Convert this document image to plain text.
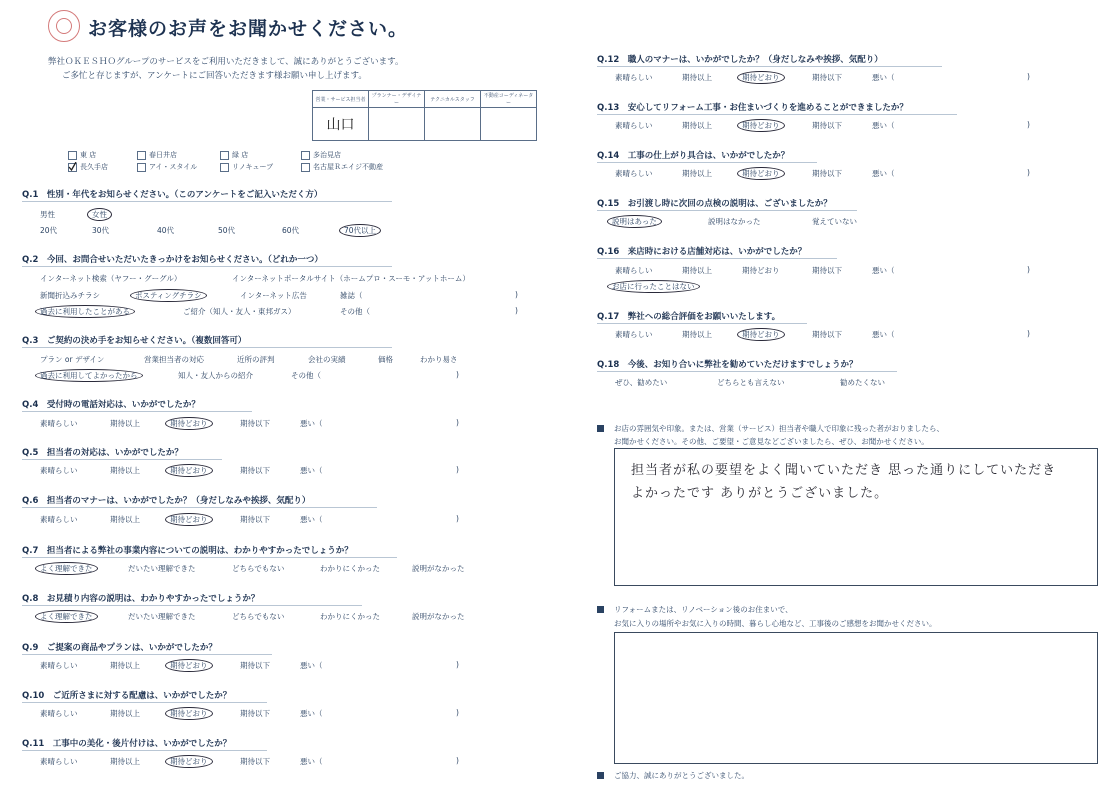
お客様のお声をお聞かせください。
弊社ＯＫＥＳＨＯグループのサービスをご利用いただきまして、誠にありがとうございます。
ご多忙と存じますが、アンケートにご回答いただきます様お願い申し上げます。
営業・サービス担当者	プランナー・デザイナー	テクニカルスタッフ	不動産コーディネーター
山口			
東 店	春日井店	緑 店	多治見店
長久手店	アイ・スタイル	リノキューブ	名古屋Ｒエイジ不動産
Q.1　性別・年代をお知らせください。（このアンケートをご記入いただく方）
男性	女性
20代	30代	40代	50代	60代	70代以上
Q.2　今回、お問合せいただいたきっかけをお知らせください。（どれか一つ）
インターネット検索（ヤフー・グーグル）	インターネットポータルサイト（ホームプロ・スーモ・アットホーム）
新聞折込みチラシ	ポスティングチラシ	インターネット広告	雑誌（	)
過去に利用したことがある	ご紹介（知人・友人・東邦ガス）	その他（	)
Q.3　ご契約の決め手をお知らせください。（複数回答可）
プラン or デザイン	営業担当者の対応	近所の評判	会社の実績	価格	わかり易さ
過去に利用してよかったから	知人・友人からの紹介	その他（	)
Q.4　受付時の電話対応は、いかがでしたか？
素晴らしい	期待以上	期待どおり	期待以下	悪い（	)
Q.5　担当者の対応は、いかがでしたか？
素晴らしい	期待以上	期待どおり	期待以下	悪い（	)
Q.6　担当者のマナーは、いかがでしたか？（身だしなみや挨拶、気配り）
素晴らしい	期待以上	期待どおり	期待以下	悪い（	)
Q.7　担当者による弊社の事業内容についての説明は、わかりやすかったでしょうか？
よく理解できた	だいたい理解できた	どちらでもない	わかりにくかった	説明がなかった
Q.8　お見積り内容の説明は、わかりやすかったでしょうか？
よく理解できた	だいたい理解できた	どちらでもない	わかりにくかった	説明がなかった
Q.9　ご提案の商品やプランは、いかがでしたか？
素晴らしい	期待以上	期待どおり	期待以下	悪い（	)
Q.10　ご近所さまに対する配慮は、いかがでしたか？
素晴らしい	期待以上	期待どおり	期待以下	悪い（	)
Q.11　工事中の美化・後片付けは、いかがでしたか？
素晴らしい	期待以上	期待どおり	期待以下	悪い（	)
Q.12　職人のマナーは、いかがでしたか？（身だしなみや挨拶、気配り）
素晴らしい	期待以上	期待どおり	期待以下	悪い（	)
Q.13　安心してリフォーム工事・お住まいづくりを進めることができましたか？
素晴らしい	期待以上	期待どおり	期待以下	悪い（	)
Q.14　工事の仕上がり具合は、いかがでしたか？
素晴らしい	期待以上	期待どおり	期待以下	悪い（	)
Q.15　お引渡し時に次回の点検の説明は、ございましたか？
説明はあった	説明はなかった	覚えていない
Q.16　来店時における店舗対応は、いかがでしたか？
素晴らしい	期待以上	期待どおり	期待以下	悪い（	)
お店に行ったことはない
Q.17　弊社への総合評価をお願いいたします。
素晴らしい	期待以上	期待どおり	期待以下	悪い（	)
Q.18　今後、お知り合いに弊社を勧めていただけますでしょうか？
ぜひ、勧めたい	どちらとも言えない	勧めたくない
お店の雰囲気や印象。または、営業（サービス）担当者や職人で印象に残った者がおりましたら、
お聞かせください。その他、ご要望・ご意見などございましたら、ぜひ、お聞かせください。
担当者が私の要望をよく聞いていただき 思った通りにしていただき
よかったです ありがとうございました。
リフォームまたは、リノベーション後のお住まいで、
お気に入りの場所やお気に入りの時間、暮らし心地など、工事後のご感想をお聞かせください。
ご協力、誠にありがとうございました。
